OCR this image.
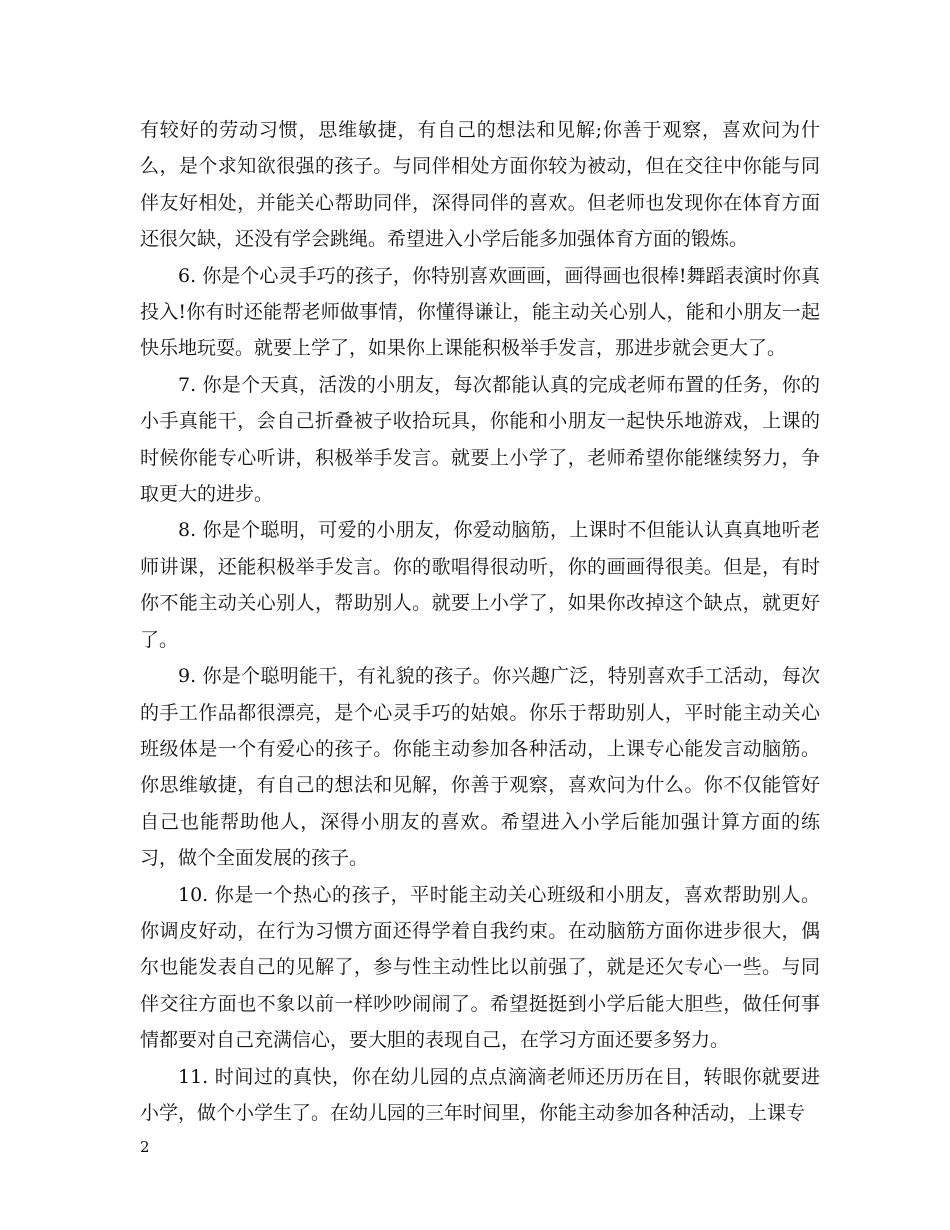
有较好的劳动习惯，思维敏捷，有自己的想法和见解;你善于观察，喜欢问为什么，是个求知欲很强的孩子。与同伴相处方面你较为被动，但在交往中你能与同伴友好相处，并能关心帮助同伴，深得同伴的喜欢。但老师也发现你在体育方面还很欠缺，还没有学会跳绳。希望进入小学后能多加强体育方面的锻炼。

6. 你是个心灵手巧的孩子，你特别喜欢画画，画得画也很棒!舞蹈表演时你真投入!你有时还能帮老师做事情，你懂得谦让，能主动关心别人，能和小朋友一起快乐地玩耍。就要上学了，如果你上课能积极举手发言，那进步就会更大了。

7. 你是个天真，活泼的小朋友，每次都能认真的完成老师布置的任务，你的小手真能干，会自己折叠被子收拾玩具，你能和小朋友一起快乐地游戏，上课的时候你能专心听讲，积极举手发言。就要上小学了，老师希望你能继续努力，争取更大的进步。

8. 你是个聪明，可爱的小朋友，你爱动脑筋，上课时不但能认认真真地听老师讲课，还能积极举手发言。你的歌唱得很动听，你的画画得很美。但是，有时你不能主动关心别人，帮助别人。就要上小学了，如果你改掉这个缺点，就更好了。

9. 你是个聪明能干，有礼貌的孩子。你兴趣广泛，特别喜欢手工活动，每次的手工作品都很漂亮，是个心灵手巧的姑娘。你乐于帮助别人，平时能主动关心班级体是一个有爱心的孩子。你能主动参加各种活动，上课专心能发言动脑筋。你思维敏捷，有自己的想法和见解，你善于观察，喜欢问为什么。你不仅能管好自己也能帮助他人，深得小朋友的喜欢。希望进入小学后能加强计算方面的练习，做个全面发展的孩子。

10. 你是一个热心的孩子，平时能主动关心班级和小朋友，喜欢帮助别人。你调皮好动，在行为习惯方面还得学着自我约束。在动脑筋方面你进步很大，偶尔也能发表自己的见解了，参与性主动性比以前强了，就是还欠专心一些。与同伴交往方面也不象以前一样吵吵闹闹了。希望挺挺到小学后能大胆些，做任何事情都要对自己充满信心，要大胆的表现自己，在学习方面还要多努力。

11. 时间过的真快，你在幼儿园的点点滴滴老师还历历在目，转眼你就要进小学，做个小学生了。在幼儿园的三年时间里，你能主动参加各种活动，上课专

2
